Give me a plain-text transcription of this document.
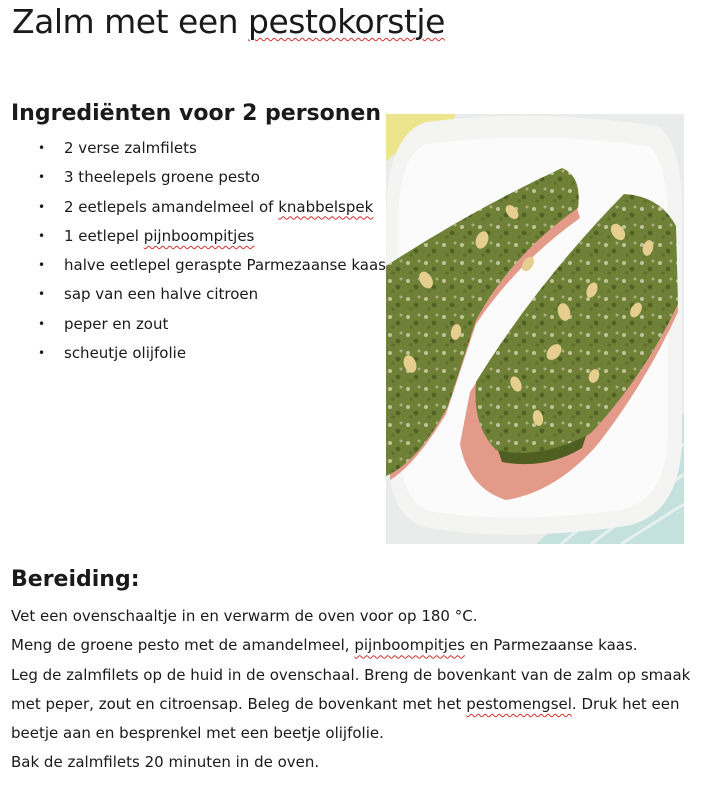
Zalm met een pestokorstje
Ingrediënten voor 2 personen
• 2 verse zalmfilets
• 3 theelepels groene pesto
• 2 eetlepels amandelmeel of knabbelspek
• 1 eetlepel pijnboompitjes
• halve eetlepel geraspte Parmezaanse kaas
• sap van een halve citroen
• peper en zout
• scheutje olijfolie
Bereiding:

Vet een ovenschaaltje in en verwarm de oven voor op 180 °C.

Meng de groene pesto met de amandelmeel, pijnboompitjes en Parmezaanse kaas.

Leg de zalmfilets op de huid in de ovenschaal. Breng de bovenkant van de zalm op smaak met peper, zout en citroensap. Beleg de bovenkant met het pestomengsel. Druk het een beetje aan en besprenkel met een beetje olijfolie.

Bak de zalmfilets 20 minuten in de oven.
